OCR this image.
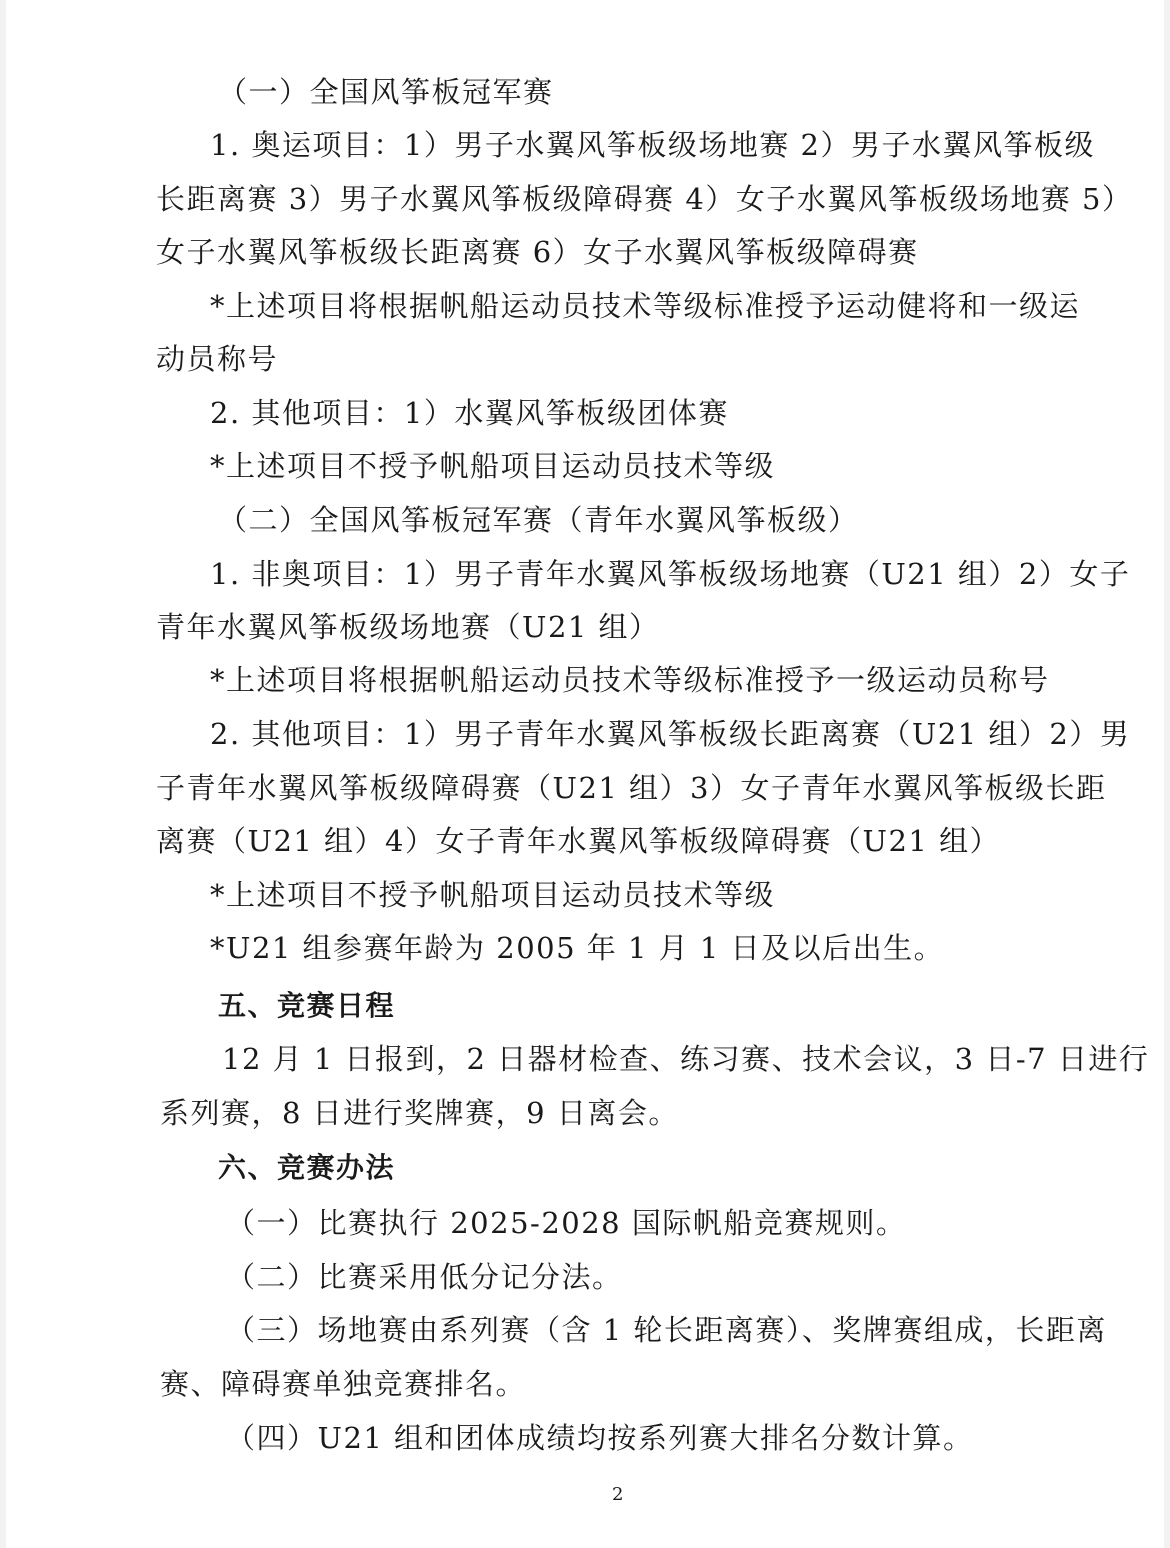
（一）全国风筝板冠军赛

1. 奥运项目：1）男子水翼风筝板级场地赛 2）男子水翼风筝板级

长距离赛 3）男子水翼风筝板级障碍赛 4）女子水翼风筝板级场地赛 5）

女子水翼风筝板级长距离赛 6）女子水翼风筝板级障碍赛

*上述项目将根据帆船运动员技术等级标准授予运动健将和一级运

动员称号

2. 其他项目：1）水翼风筝板级团体赛

*上述项目不授予帆船项目运动员技术等级

（二）全国风筝板冠军赛（青年水翼风筝板级）

1. 非奥项目：1）男子青年水翼风筝板级场地赛（U21 组）2）女子

青年水翼风筝板级场地赛（U21 组）

*上述项目将根据帆船运动员技术等级标准授予一级运动员称号

2. 其他项目：1）男子青年水翼风筝板级长距离赛（U21 组）2）男

子青年水翼风筝板级障碍赛（U21 组）3）女子青年水翼风筝板级长距

离赛（U21 组）4）女子青年水翼风筝板级障碍赛（U21 组）

*上述项目不授予帆船项目运动员技术等级

*U21 组参赛年龄为 2005 年 1 月 1 日及以后出生。

五、竞赛日程

12 月 1 日报到，2 日器材检查、练习赛、技术会议，3 日-7 日进行

系列赛，8 日进行奖牌赛，9 日离会。

六、竞赛办法

（一）比赛执行 2025-2028 国际帆船竞赛规则。

（二）比赛采用低分记分法。

（三）场地赛由系列赛（含 1 轮长距离赛）、奖牌赛组成，长距离

赛、障碍赛单独竞赛排名。

（四）U21 组和团体成绩均按系列赛大排名分数计算。

2
